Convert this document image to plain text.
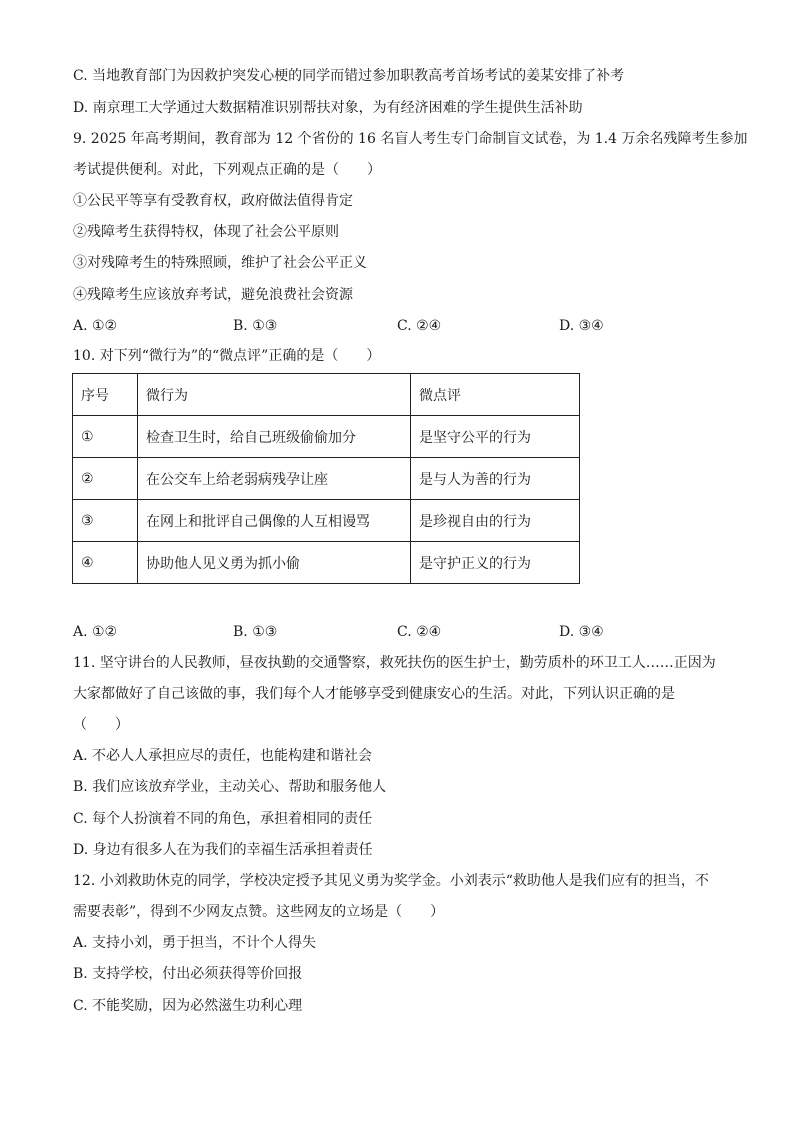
C. 当地教育部门为因救护突发心梗的同学而错过参加职教高考首场考试的姜某安排了补考
D. 南京理工大学通过大数据精准识别帮扶对象，为有经济困难的学生提供生活补助
9. 2025 年高考期间，教育部为 12 个省份的 16 名盲人考生专门命制盲文试卷，为 1.4 万余名残障考生参加
考试提供便利。对此，下列观点正确的是（　　）
①公民平等享有受教育权，政府做法值得肯定
②残障考生获得特权，体现了社会公平原则
③对残障考生的特殊照顾，维护了社会公平正义
④残障考生应该放弃考试，避免浪费社会资源
A. ①②	B. ①③	C. ②④	D. ③④
10. 对下列“微行为”的“微点评”正确的是（　　）
序号	微行为	微点评
①	检查卫生时，给自己班级偷偷加分	是坚守公平的行为
②	在公交车上给老弱病残孕让座	是与人为善的行为
③	在网上和批评自己偶像的人互相谩骂	是珍视自由的行为
④	协助他人见义勇为抓小偷	是守护正义的行为
A. ①②	B. ①③	C. ②④	D. ③④
11. 坚守讲台的人民教师，昼夜执勤的交通警察，救死扶伤的医生护士，勤劳质朴的环卫工人……正因为
大家都做好了自己该做的事，我们每个人才能够享受到健康安心的生活。对此，下列认识正确的是
（　　）
A. 不必人人承担应尽的责任，也能构建和谐社会
B. 我们应该放弃学业，主动关心、帮助和服务他人
C. 每个人扮演着不同的角色，承担着相同的责任
D. 身边有很多人在为我们的幸福生活承担着责任
12. 小刘救助休克的同学，学校决定授予其见义勇为奖学金。小刘表示“救助他人是我们应有的担当，不
需要表彰”，得到不少网友点赞。这些网友的立场是（　　）
A. 支持小刘，勇于担当，不计个人得失
B. 支持学校，付出必须获得等价回报
C. 不能奖励，因为必然滋生功利心理
